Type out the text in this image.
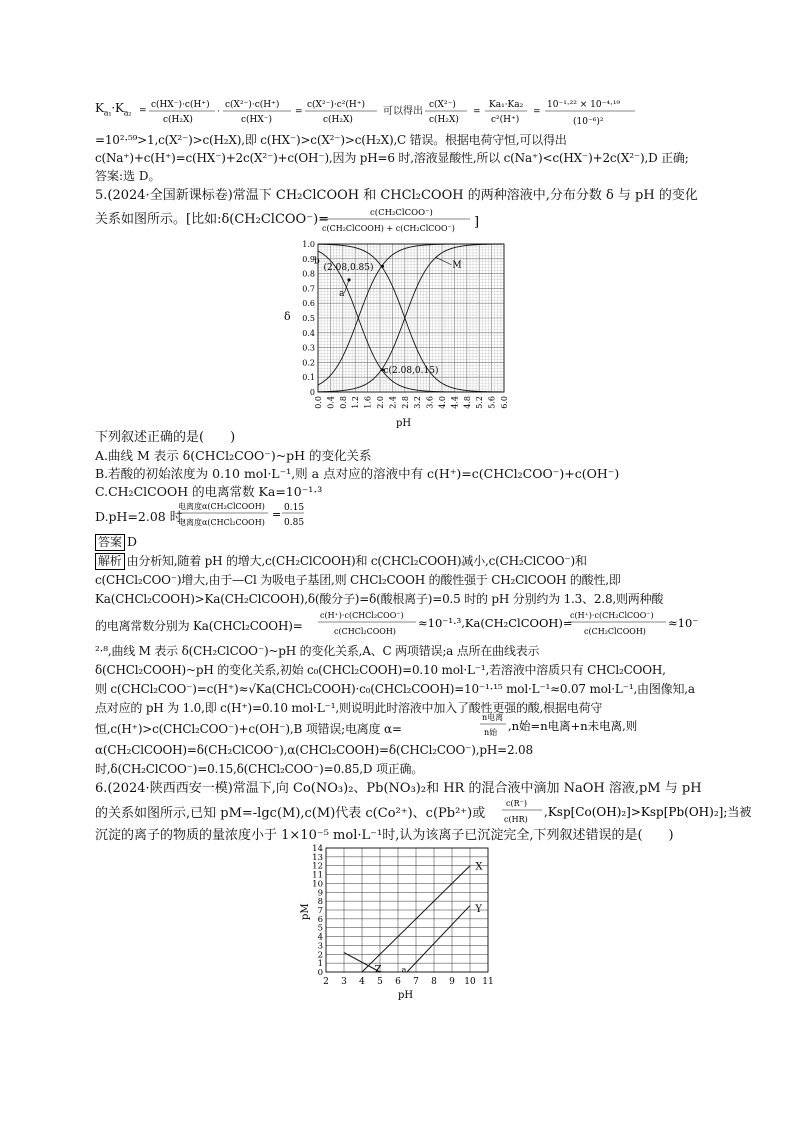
$K_{a_1}\cdot K_{a_2}$ =
c(HX⁻)·c(H⁺)
c(H₂X)
·
c(X²⁻)·c(H⁺)
c(HX⁻)
=
c(X²⁻)·c²(H⁺)
c(H₂X)
可以得出
c(X²⁻)
c(H₂X)
=
Ka₁·Ka₂
c²(H⁺)
=
10⁻¹·²² × 10⁻⁴·¹⁹
(10⁻⁶)²
=10²·⁵⁹>1,c(X²⁻)>c(H₂X),即 c(HX⁻)>c(X²⁻)>c(H₂X),C 错误。根据电荷守恒,可以得出
c(Na⁺)+c(H⁺)=c(HX⁻)+2c(X²⁻)+c(OH⁻),因为 pH=6 时,溶液显酸性,所以 c(Na⁺)<c(HX⁻)+2c(X²⁻),D 正确;
答案:选 D。
5.(2024·全国新课标卷)常温下 CH₂ClCOOH 和 CHCl₂COOH 的两种溶液中,分布分数 δ 与 pH 的变化
关系如图所示。[比如:δ(CH₂ClCOO⁻)=	c(CH₂ClCOO⁻)
c(CH₂ClCOOH) + c(CH₂ClCOO⁻) ]
0.0 0.4 0.8 1.2 1.6 2.0 2.4 2.8 3.2 3.6 4.0 4.4 4.8 5.2 5.6 6.0
0
0.1
0.2
0.3
0.4
0.5
0.6
0.7
0.8
0.9
1.0
b
(2.08,0.85)
a
M
c(2.08,0.15)
δ
pH
下列叙述正确的是(　　)
A.曲线 M 表示 δ(CHCl₂COO⁻)~pH 的变化关系
B.若酸的初始浓度为 0.10 mol·L⁻¹,则 a 点对应的溶液中有 c(H⁺)=c(CHCl₂COO⁻)+c(OH⁻)
C.CH₂ClCOOH 的电离常数 Ka=10⁻¹·³
D.pH=2.08 时,
电离度α(CH₂ClCOOH)
电离度α(CHCl₂COOH)
= 0.15
0.85
答案 D
解析 由分析知,随着 pH 的增大,c(CH₂ClCOOH)和 c(CHCl₂COOH)减小,c(CH₂ClCOO⁻)和
c(CHCl₂COO⁻)增大,由于—Cl 为吸电子基团,则 CHCl₂COOH 的酸性强于 CH₂ClCOOH 的酸性,即
Ka(CHCl₂COOH)>Ka(CH₂ClCOOH),δ(酸分子)=δ(酸根离子)=0.5 时的 pH 分别约为 1.3、2.8,则两种酸
的电离常数分别为 Ka(CHCl₂COOH)=
c(H⁺)·c(CHCl₂COO⁻)
c(CHCl₂COOH)
≈10⁻¹·³,Ka(CH₂ClCOOH)=
c(H⁺)·c(CH₂ClCOO⁻)
c(CH₂ClCOOH)
≈10⁻
²·⁸,曲线 M 表示 δ(CH₂ClCOO⁻)~pH 的变化关系,A、C 两项错误;a 点所在曲线表示
δ(CHCl₂COOH)~pH 的变化关系,初始 c₀(CHCl₂COOH)=0.10 mol·L⁻¹,若溶液中溶质只有 CHCl₂COOH,
则 c(CHCl₂COO⁻)=c(H⁺)≈√Ka(CHCl₂COOH)·c₀(CHCl₂COOH)=10⁻¹·¹⁵ mol·L⁻¹≈0.07 mol·L⁻¹,由图像知,a
点对应的 pH 为 1.0,即 c(H⁺)=0.10 mol·L⁻¹,则说明此时溶液中加入了酸性更强的酸,根据电荷守
恒,c(H⁺)>c(CHCl₂COO⁻)+c(OH⁻),B 项错误;电离度 α=
n电离
n始 ,n始=n电离+n未电离,则
α(CH₂ClCOOH)=δ(CH₂ClCOO⁻),α(CHCl₂COOH)=δ(CHCl₂COO⁻),pH=2.08
时,δ(CH₂ClCOO⁻)=0.15,δ(CHCl₂COO⁻)=0.85,D 项正确。
6.(2024·陕西西安一模)常温下,向 Co(NO₃)₂、Pb(NO₃)₂和 HR 的混合液中滴加 NaOH 溶液,pM 与 pH
的关系如图所示,已知 pM=-lgc(M),c(M)代表 c(Co²⁺)、c(Pb²⁺)或
c(R⁻)
c(HR)
,Ksp[Co(OH)₂]>Ksp[Pb(OH)₂];当被
沉淀的离子的物质的量浓度小于 1×10⁻⁵ mol·L⁻¹时,认为该离子已沉淀完全,下列叙述错误的是(　　)
2 3 4 5 6 7 8 9 10 11
0
1
2
3
4
5
6
7
8
9
10
11
12
13
14
X
Y
Z	a
pM
pH
